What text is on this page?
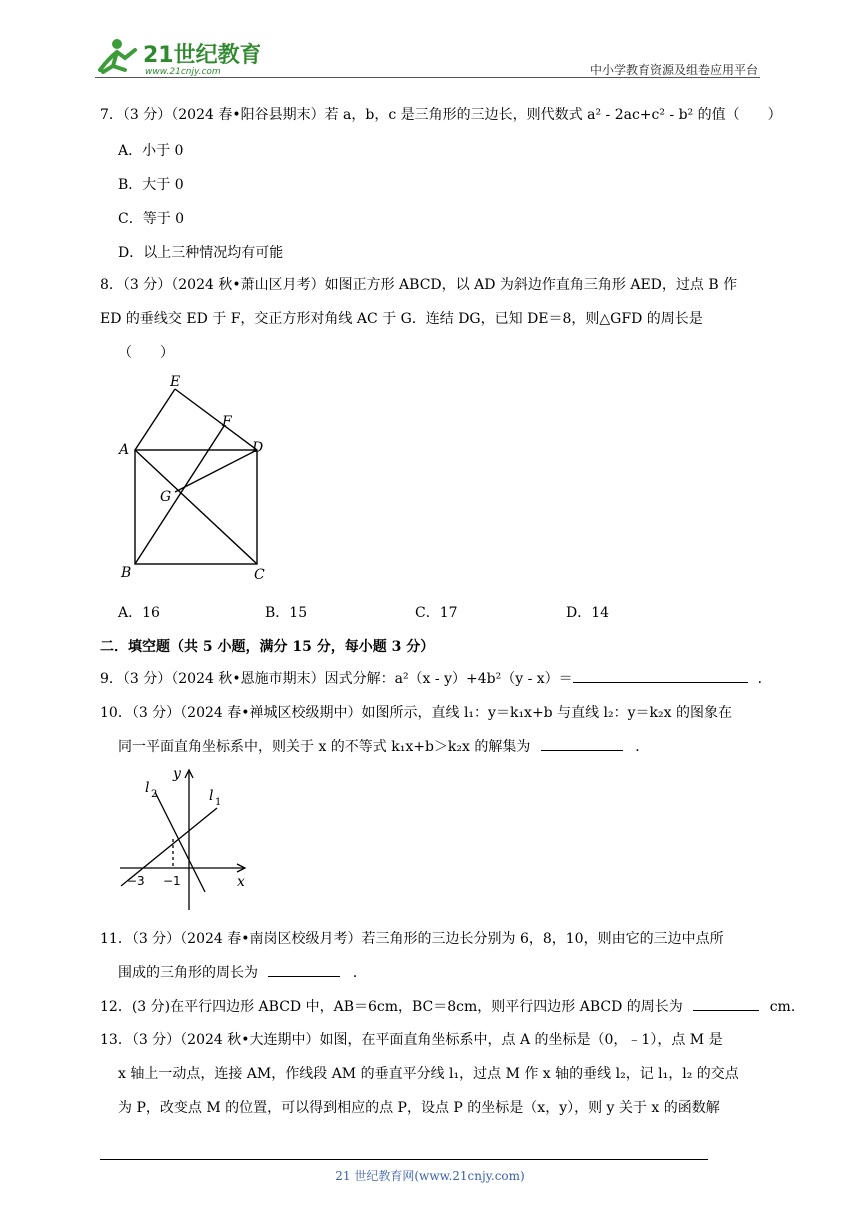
21世纪教育
www.21cnjy.com	中小学教育资源及组卷应用平台
7．（3 分）（2024 春•阳谷县期末）若 a，b，c 是三角形的三边长，则代数式 a² - 2ac+c² - b² 的值（　　）
A．小于 0
B．大于 0
C．等于 0
D．以上三种情况均有可能
8．（3 分）（2024 秋•萧山区月考）如图正方形 ABCD，以 AD 为斜边作直角三角形 AED，过点 B 作
ED 的垂线交 ED 于 F，交正方形对角线 AC 于 G．连结 DG，已知 DE＝8，则△GFD 的周长是
（　　）
E
F
A	D
G
B	C
A．16	B．15	C．17	D．14
二．填空题（共 5 小题，满分 15 分，每小题 3 分）
9．（3 分）（2024 秋•恩施市期末）因式分解：a²（x - y）+4b²（y - x）＝	．
10．（3 分）（2024 春•禅城区校级期中）如图所示，直线 l₁：y＝k₁x+b 与直线 l₂：y＝k₂x 的图象在
同一平面直角坐标系中，则关于 x 的不等式 k₁x+b＞k₂x 的解集为	．
y
x
l 2	l 1
−3 −1
11．（3 分）（2024 春•南岗区校级月考）若三角形的三边长分别为 6，8，10，则由它的三边中点所
围成的三角形的周长为	．
12．(3 分)在平行四边形 ABCD 中，AB＝6cm，BC＝8cm，则平行四边形 ABCD 的周长为	cm．
13．（3 分）（2024 秋•大连期中）如图，在平面直角坐标系中，点 A 的坐标是（0，﹣1），点 M 是
x 轴上一动点，连接 AM，作线段 AM 的垂直平分线 l₁，过点 M 作 x 轴的垂线 l₂，记 l₁，l₂ 的交点
为 P，改变点 M 的位置，可以得到相应的点 P，设点 P 的坐标是（x，y），则 y 关于 x 的函数解
21 世纪教育网(www.21cnjy.com)
